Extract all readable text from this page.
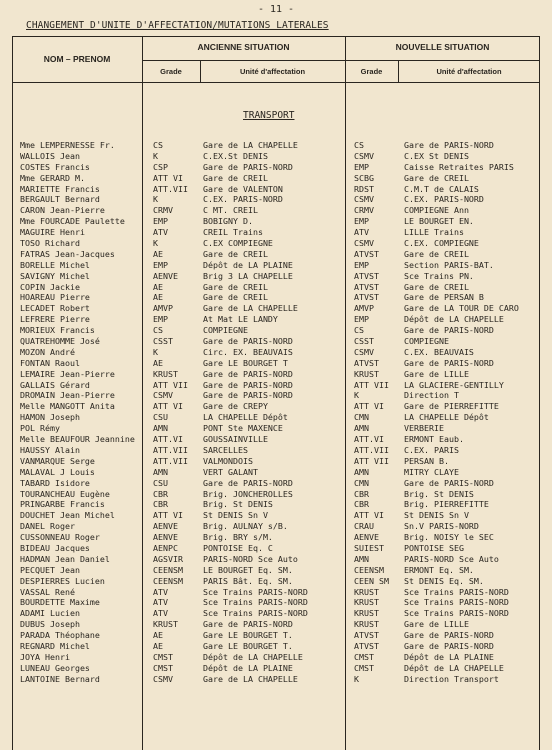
- 11 -
CHANGEMENT D'UNITE D'AFFECTATION/MUTATIONS LATERALES
NOM – PRENOM
ANCIENNE SITUATION	NOUVELLE SITUATION
Grade	Unité d'affectation	Grade	Unité d'affectation
TRANSPORT
Mme LEMPERNESSE Fr.	CS	Gare de LA CHAPELLE	CS	Gare de PARIS-NORD
WALLOIS Jean	K	C.EX.St DENIS	CSMV	C.EX St DENIS
COSTES Francis	CSP	Gare de PARIS-NORD	EMP	Caisse Retraites PARIS
Mme GERARD M.	ATT VI	Gare de CREIL	SCBG	Gare de CREIL
MARIETTE Francis	ATT.VII	Gare de VALENTON	RDST	C.M.T de CALAIS
BERGAULT Bernard	K	C.EX. PARIS-NORD	CSMV	C.EX. PARIS-NORD
CARON Jean-Pierre	CRMV	C MT. CREIL	CRMV	COMPIEGNE Ann
Mme FOURCADE Paulette	EMP	BOBIGNY D.	EMP	LE BOURGET EN.
MAGUIRE Henri	ATV	CREIL Trains	ATV	LILLE Trains
TOSO Richard	K	C.EX COMPIEGNE	CSMV	C.EX. COMPIEGNE
FATRAS Jean-Jacques	AE	Gare de CREIL	ATVST	Gare de CREIL
BORELLE Michel	EMP	Dépôt de LA PLAINE	EMP	Section PARIS-BAT.
SAVIGNY Michel	AENVE	Brig 3 LA CHAPELLE	ATVST	Sce Trains PN.
COPIN Jackie	AE	Gare de CREIL	ATVST	Gare de CREIL
HOAREAU Pierre	AE	Gare de CREIL	ATVST	Gare de PERSAN B
LECADET Robert	AMVP	Gare de LA CHAPELLE	AMVP	Gare de LA TOUR DE CARO
LEFRERE Pierre	EMP	At Mat LE LANDY	EMP	Dépôt de LA CHAPELLE
MORIEUX Francis	CS	COMPIEGNE	CS	Gare de PARIS-NORD
QUATREHOMME José	CSST	Gare de PARIS-NORD	CSST	COMPIEGNE
MOZON André	K	Circ. EX. BEAUVAIS	CSMV	C.EX. BEAUVAIS
FONTAN Raoul	AE	Gare LE BOURGET T	ATVST	Gare de PARIS-NORD
LEMAIRE Jean-Pierre	KRUST	Gare de PARIS-NORD	KRUST	Gare de LILLE
GALLAIS Gérard	ATT VII	Gare de PARIS-NORD	ATT VII	LA GLACIERE-GENTILLY
DROMAIN Jean-Pierre	CSMV	Gare de PARIS-NORD	K	Direction T
Melle MANGOTT Anita	ATT VI	Gare de CREPY	ATT VI	Gare de PIERREFITTE
HAMON Joseph	CSU	LA CHAPELLE Dépôt	CMN	LA CHAPELLE Dépôt
POL Rémy	AMN	PONT Ste MAXENCE	AMN	VERBERIE
Melle BEAUFOUR Jeannine	ATT.VI	GOUSSAINVILLE	ATT.VI	ERMONT Eaub.
HAUSSY Alain	ATT.VII	SARCELLES	ATT.VII	C.EX. PARIS
VANMARQUE Serge	ATT.VII	VALMONDOIS	ATT VII	PERSAN B.
MALAVAL J Louis	AMN	VERT GALANT	AMN	MITRY CLAYE
TABARD Isidore	CSU	Gare de PARIS-NORD	CMN	Gare de PARIS-NORD
TOURANCHEAU Eugène	CBR	Brig. JONCHEROLLES	CBR	Brig. St DENIS
PRINGARBE Francis	CBR	Brig. St DENIS	CBR	Brig. PIERREFITTE
DOUCHET Jean Michel	ATT VI	St DENIS Sn V	ATT VI	St DENIS Sn V
DANEL Roger	AENVE	Brig. AULNAY s/B.	CRAU	Sn.V PARIS-NORD
CUSSONNEAU Roger	AENVE	Brig. BRY s/M.	AENVE	Brig. NOISY le SEC
BIDEAU Jacques	AENPC	PONTOISE Eq. C	SUIEST	PONTOISE SEG
HADMAN Jean Daniel	AGSVIR	PARIS-NORD Sce Auto	AMN	PARIS-NORD Sce Auto
PECQUET Jean	CEENSM	LE BOURGET Eq. SM.	CEENSM	ERMONT Eq. SM.
DESPIERRES Lucien	CEENSM	PARIS Bât. Eq. SM.	CEEN SM	St DENIS Eq. SM.
VASSAL René	ATV	Sce Trains PARIS-NORD	KRUST	Sce Trains PARIS-NORD
BOURDETTE Maxime	ATV	Sce Trains PARIS-NORD	KRUST	Sce Trains PARIS-NORD
ADAMI Lucien	ATV	Sce Trains PARIS-NORD	KRUST	Sce Trains PARIS-NORD
DUBUS Joseph	KRUST	Gare de PARIS-NORD	KRUST	Gare de LILLE
PARADA Théophane	AE	Gare LE BOURGET T.	ATVST	Gare de PARIS-NORD
REGNARD Michel	AE	Gare LE BOURGET T.	ATVST	Gare de PARIS-NORD
JOYA Henri	CMST	Dépôt de LA CHAPELLE	CMST	Dépôt de LA PLAINE
LUNEAU Georges	CMST	Dépôt de LA PLAINE	CMST	Dépôt de LA CHAPELLE
LANTOINE Bernard	CSMV	Gare de LA CHAPELLE	K	Direction Transport
